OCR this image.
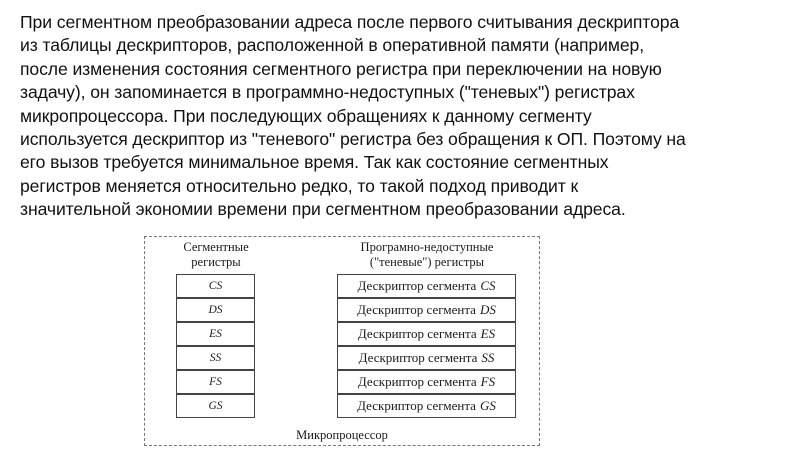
При сегментном преобразовании адреса после первого считывания дескриптора
из таблицы дескрипторов, расположенной в оперативной памяти (например,
после изменения состояния сегментного регистра при переключении на новую
задачу), он запоминается в программно-недоступных ("теневых") регистрах
микропроцессора. При последующих обращениях к данному сегменту
используется дескриптор из "теневого" регистра без обращения к ОП. Поэтому на
его вызов требуется минимальное время. Так как состояние сегментных
регистров меняется относительно редко, то такой подход приводит к
значительной экономии времени при сегментном преобразовании адреса.
Сегментные
регистры
Програмно-недоступные
("теневые") регистры
CS
DS
ES
SS
FS
GS
Дескриптор сегмента CS
Дескриптор сегмента DS
Дескриптор сегмента ES
Дескриптор сегмента SS
Дескриптор сегмента FS
Дескриптор сегмента GS
Микропроцессор
